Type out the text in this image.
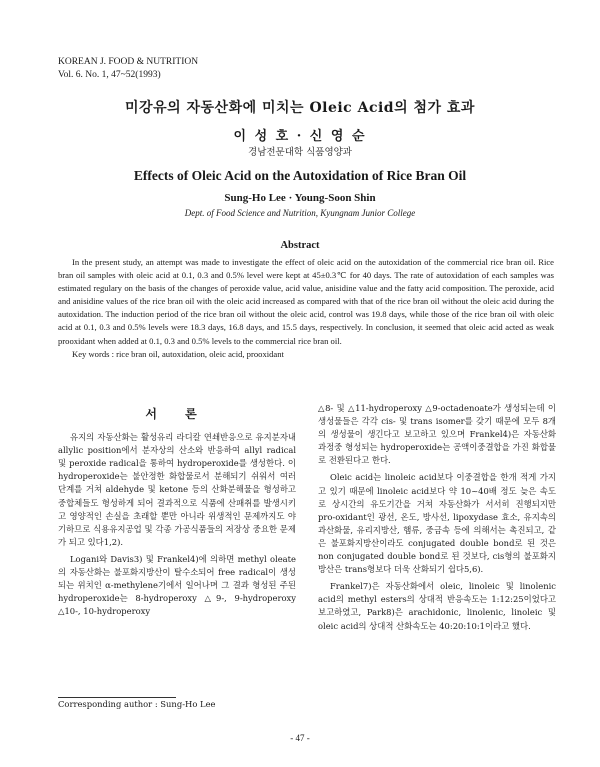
KOREAN J. FOOD & NUTRITION
Vol. 6. No. 1, 47~52(1993)
미강유의 자동산화에 미치는 Oleic Acid의 첨가 효과
이 성 호 · 신 영 순
경남전문대학 식품영양과
Effects of Oleic Acid on the Autoxidation of Rice Bran Oil
Sung-Ho Lee · Young-Soon Shin
Dept. of Food Science and Nutrition, Kyungnam Junior College
Abstract

In the present study, an attempt was made to investigate the effect of oleic acid on the autoxidation of the commercial rice bran oil. Rice bran oil samples with oleic acid at 0.1, 0.3 and 0.5% level were kept at 45±0.3℃ for 40 days. The rate of autoxidation of each samples was estimated regulary on the basis of the changes of peroxide value, acid value, anisidine value and the fatty acid composition. The peroxide, acid and anisidine values of the rice bran oil with the oleic acid increased as compared with that of the rice bran oil without the oleic acid during the autoxidation. The induction period of the rice bran oil without the oleic acid, control was 19.8 days, while those of the rice bran oil with oleic acid at 0.1, 0.3 and 0.5% levels were 18.3 days, 16.8 days, and 15.5 days, respectively. In conclusion, it seemed that oleic acid acted as weak prooxidant when added at 0.1, 0.3 and 0.5% levels to the commercial rice bran oil.

Key words : rice bran oil, autoxidation, oleic acid, prooxidant

서 론

유지의 자동산화는 활성유리 라디칼 연쇄반응으로 유지분자내 allylic position에서 분자상의 산소와 반응하여 allyl radical 및 peroxide radical을 통하여 hydroperoxide를 생성한다. 이 hydroperoxide는 불안정한 화합물로서 분해되기 쉬워서 여러 단계를 거쳐 aldehyde 및 ketone 등의 산화분해물을 형성하고 중합체들도 형성하게 되어 결과적으로 식품에 산패취를 발생시키고 영양적인 손실을 초래할 뿐만 아니라 위생적인 문제까지도 야기하므로 식용유지공업 및 각종 가공식품들의 저장상 중요한 문제가 되고 있다1,2).

Logani와 Davis3) 및 Frankel4)에 의하면 methyl oleate의 자동산화는 불포화지방산이 탈수소되어 free radical이 생성되는 위치인 α-methylene기에서 일어나며 그 결과 형성된 주된 hydroperoxide는 8-hydroperoxy △9-, 9-hydroperoxy △10-, 10-hydroperoxy

△8- 및 △11-hydroperoxy △9-octadenoate가 생성되는데 이 생성물들은 각각 cis- 및 trans isomer를 갖기 때문에 모두 8개의 생성물이 생긴다고 보고하고 있으며 Frankel4)은 자동산화 과정중 형성되는 hydroperoxide는 공액이중결합을 가진 화합물로 전환된다고 한다.

Oleic acid는 linoleic acid보다 이중결합을 한개 적게 가지고 있기 때문에 linoleic acid보다 약 10~40배 정도 늦은 속도로 상시간의 유도기간을 거쳐 자동산화가 서서히 진행되지만 pro-oxidant인 광선, 온도, 방사선, lipoxydase 효소, 유지속의 과산화물, 유리지방산, 햄류, 중금속 등에 의해서는 촉진되고, 같은 불포화지방산이라도 conjugated double bond로 된 것은 non conjugated double bond로 된 것보다, cis형의 불포화지방산은 trans형보다 더욱 산화되기 쉽다5,6).

Frankel7)은 자동산화에서 oleic, linoleic 및 linolenic acid의 methyl esters의 상대적 반응속도는 1:12:25이었다고 보고하였고, Park8)은 arachidonic, linolenic, linoleic 및 oleic acid의 상대적 산화속도는 40:20:10:1이라고 했다.

Corresponding author : Sung-Ho Lee
- 47 -
